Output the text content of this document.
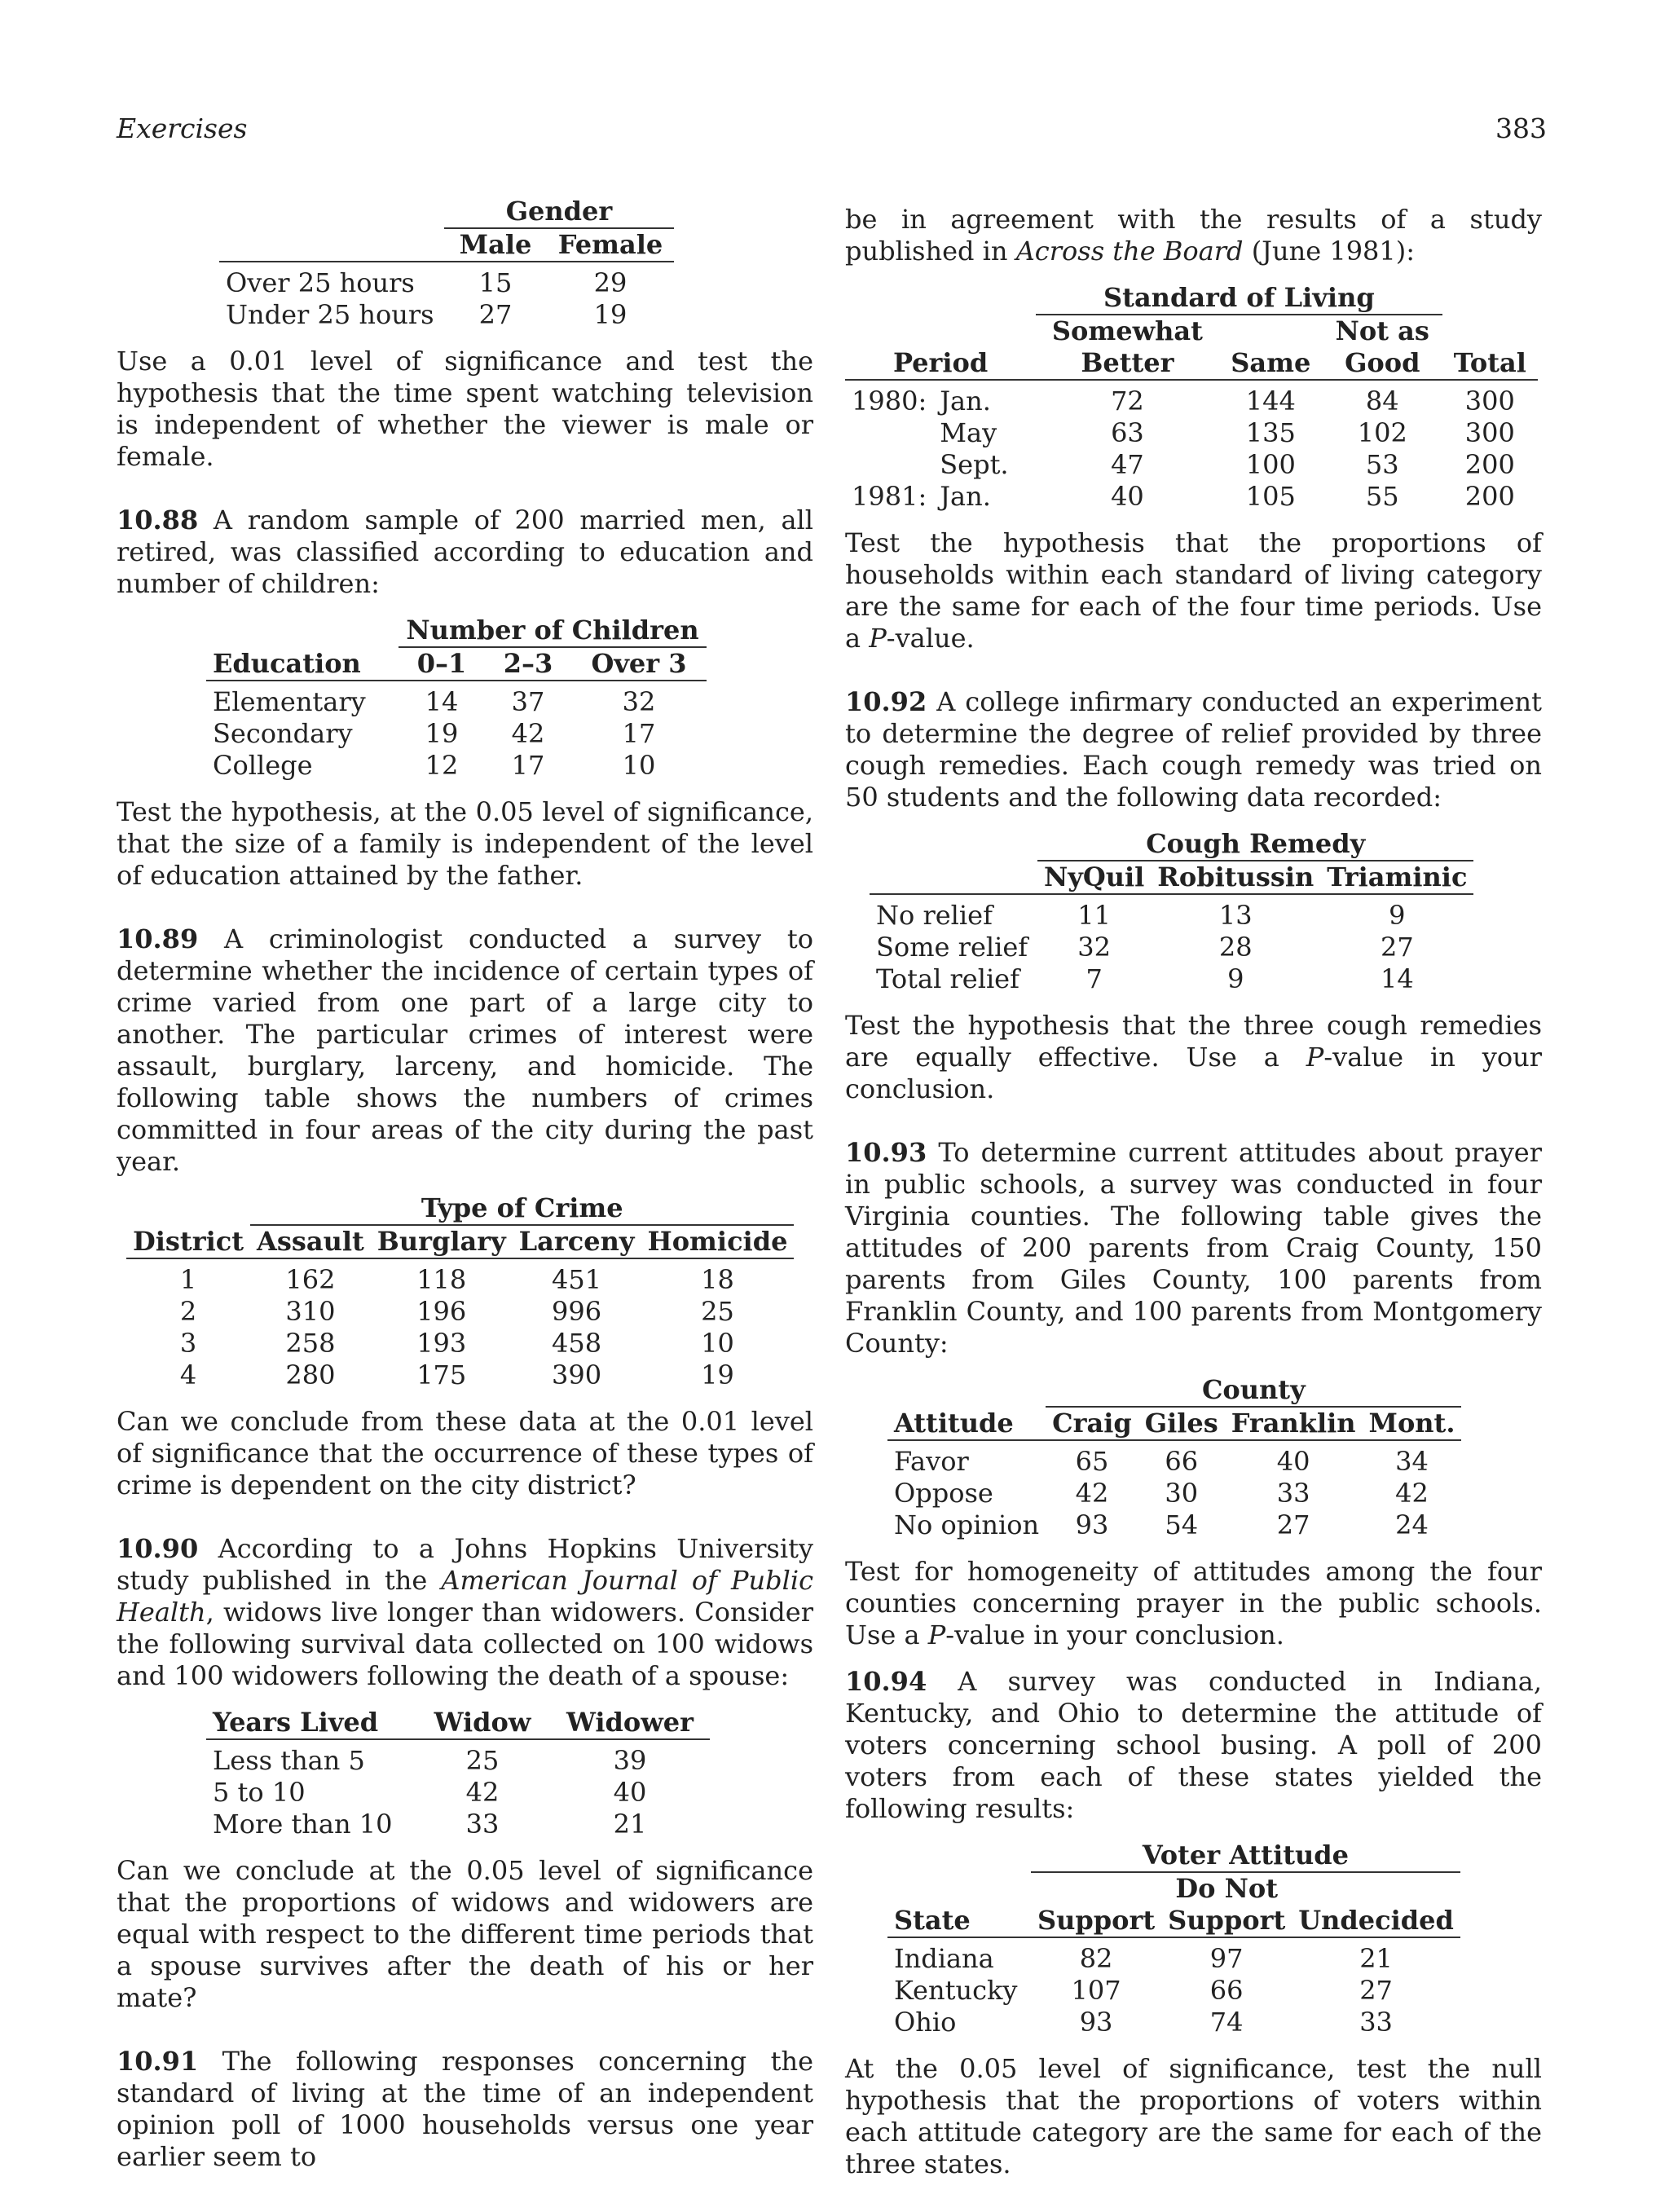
Exercises	383
	Gender	
	Male	Female
Over 25 hours	15	29
Under 25 hours	27	19

Use a 0.01 level of significance and test the hypothesis that the time spent watching television is independent of whether the viewer is male or female.

10.88 A random sample of 200 married men, all retired, was classified according to education and number of children:

	Number of Children		
Education	0–1	2–3	Over 3
Elementary	14	37	32
Secondary	19	42	17
College	12	17	10

Test the hypothesis, at the 0.05 level of significance, that the size of a family is independent of the level of education attained by the father.

10.89 A criminologist conducted a survey to determine whether the incidence of certain types of crime varied from one part of a large city to another. The particular crimes of interest were assault, burglary, larceny, and homicide. The following table shows the numbers of crimes committed in four areas of the city during the past year.

	Type of Crime			
District	Assault	Burglary	Larceny	Homicide
1	162	118	451	18
2	310	196	996	25
3	258	193	458	10
4	280	175	390	19

Can we conclude from these data at the 0.01 level of significance that the occurrence of these types of crime is dependent on the city district?

10.90 According to a Johns Hopkins University study published in the American Journal of Public Health, widows live longer than widowers. Consider the following survival data collected on 100 widows and 100 widowers following the death of a spouse:

Years Lived	Widow	Widower
Less than 5	25	39
5 to 10	42	40
More than 10	33	21

Can we conclude at the 0.05 level of significance that the proportions of widows and widowers are equal with respect to the different time periods that a spouse survives after the death of his or her mate?

10.91 The following responses concerning the standard of living at the time of an independent opinion poll of 1000 households versus one year earlier seem to

be in agreement with the results of a study published in Across the Board (June 1981):

		Standard of Living			
		Somewhat		Not as	
Period		Better	Same	Good	Total
1980:	Jan.	72	144	84	300
	May	63	135	102	300
	Sept.	47	100	53	200
1981:	Jan.	40	105	55	200

Test the hypothesis that the proportions of households within each standard of living category are the same for each of the four time periods. Use a P-value.

10.92 A college infirmary conducted an experiment to determine the degree of relief provided by three cough remedies. Each cough remedy was tried on 50 students and the following data recorded:

	Cough Remedy		
	NyQuil	Robitussin	Triaminic
No relief	11	13	9
Some relief	32	28	27
Total relief	7	9	14

Test the hypothesis that the three cough remedies are equally effective. Use a P-value in your conclusion.

10.93 To determine current attitudes about prayer in public schools, a survey was conducted in four Virginia counties. The following table gives the attitudes of 200 parents from Craig County, 150 parents from Giles County, 100 parents from Franklin County, and 100 parents from Montgomery County:

	County			
Attitude	Craig	Giles	Franklin	Mont.
Favor	65	66	40	34
Oppose	42	30	33	42
No opinion	93	54	27	24

Test for homogeneity of attitudes among the four counties concerning prayer in the public schools. Use a P-value in your conclusion.

10.94 A survey was conducted in Indiana, Kentucky, and Ohio to determine the attitude of voters concerning school busing. A poll of 200 voters from each of these states yielded the following results:

	Voter Attitude		
		Do Not	
State	Support	Support	Undecided
Indiana	82	97	21
Kentucky	107	66	27
Ohio	93	74	33

At the 0.05 level of significance, test the null hypothesis that the proportions of voters within each attitude category are the same for each of the three states.
